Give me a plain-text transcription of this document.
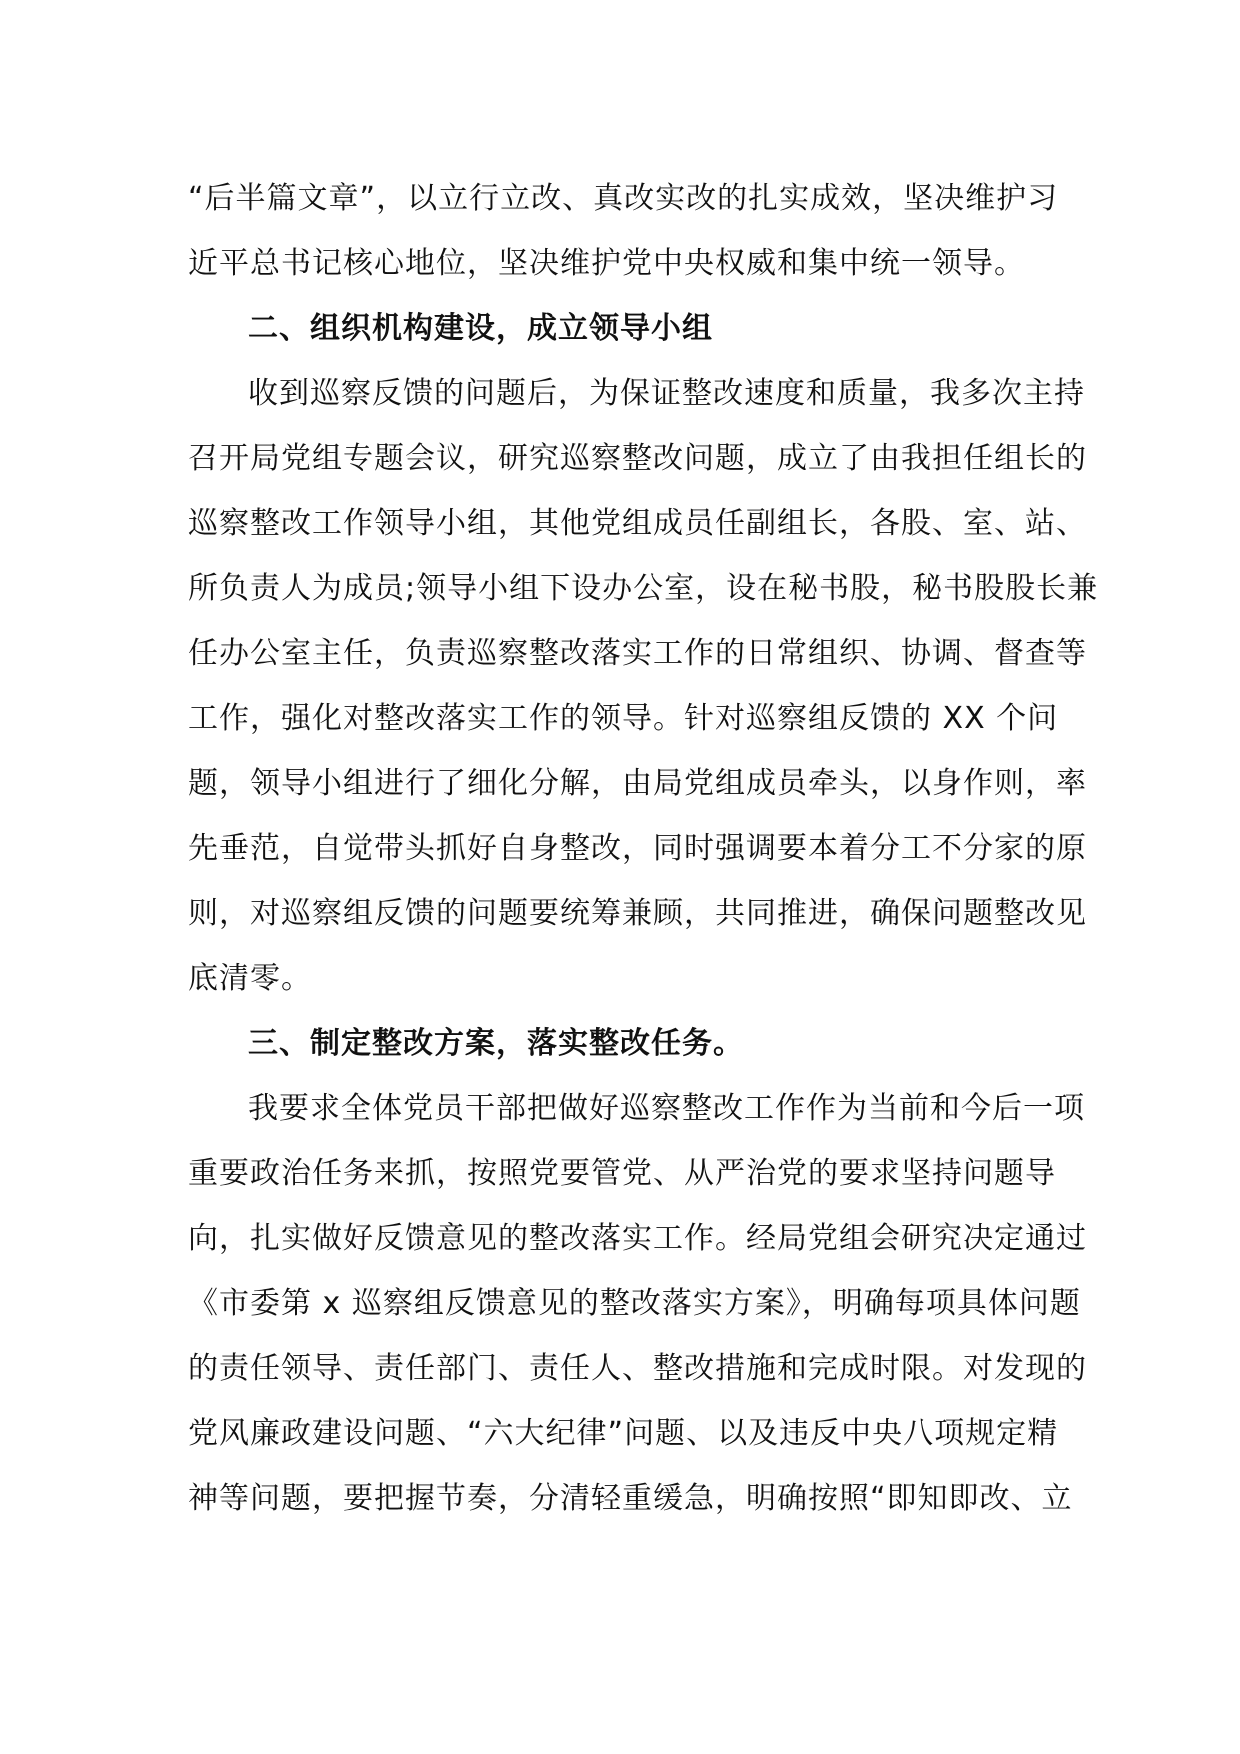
“后半篇文章”，以立行立改、真改实改的扎实成效，坚决维护习
近平总书记核心地位，坚决维护党中央权威和集中统一领导。
二、组织机构建设，成立领导小组
收到巡察反馈的问题后，为保证整改速度和质量，我多次主持
召开局党组专题会议，研究巡察整改问题，成立了由我担任组长的
巡察整改工作领导小组，其他党组成员任副组长，各股、室、站、
所负责人为成员;领导小组下设办公室，设在秘书股，秘书股股长兼
任办公室主任，负责巡察整改落实工作的日常组织、协调、督查等
工作，强化对整改落实工作的领导。针对巡察组反馈的 XX 个问
题，领导小组进行了细化分解，由局党组成员牵头，以身作则，率
先垂范，自觉带头抓好自身整改，同时强调要本着分工不分家的原
则，对巡察组反馈的问题要统筹兼顾，共同推进，确保问题整改见
底清零。
三、制定整改方案，落实整改任务。
我要求全体党员干部把做好巡察整改工作作为当前和今后一项
重要政治任务来抓，按照党要管党、从严治党的要求坚持问题导
向，扎实做好反馈意见的整改落实工作。经局党组会研究决定通过
《市委第 x 巡察组反馈意见的整改落实方案》，明确每项具体问题
的责任领导、责任部门、责任人、整改措施和完成时限。对发现的
党风廉政建设问题、“六大纪律”问题、以及违反中央八项规定精
神等问题，要把握节奏，分清轻重缓急，明确按照“即知即改、立
